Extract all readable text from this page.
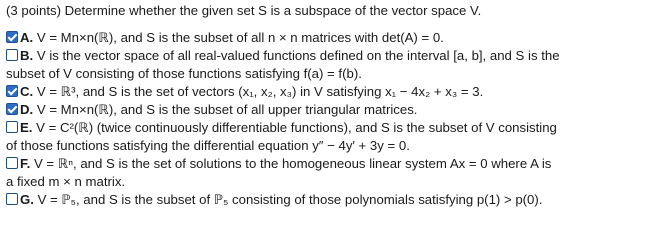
(3 points) Determine whether the given set S is a subspace of the vector space V.

A. V = Mn×n(ℝ), and S is the subset of all n × n matrices with det(A) = 0.
B. V is the vector space of all real-valued functions defined on the interval [a, b], and S is the
subset of V consisting of those functions satisfying f(a) = f(b).
C. V = ℝ³, and S is the set of vectors (x₁, x₂, x₃) in V satisfying x₁ − 4x₂ + x₃ = 3.
D. V = Mn×n(ℝ), and S is the subset of all upper triangular matrices.
E. V = C²(ℝ) (twice continuously differentiable functions), and S is the subset of V consisting
of those functions satisfying the differential equation y″ − 4y′ + 3y = 0.
F. V = ℝⁿ, and S is the set of solutions to the homogeneous linear system Ax = 0 where A is
a fixed m × n matrix.
G. V = ℙ₅, and S is the subset of ℙ₅ consisting of those polynomials satisfying p(1) > p(0).
